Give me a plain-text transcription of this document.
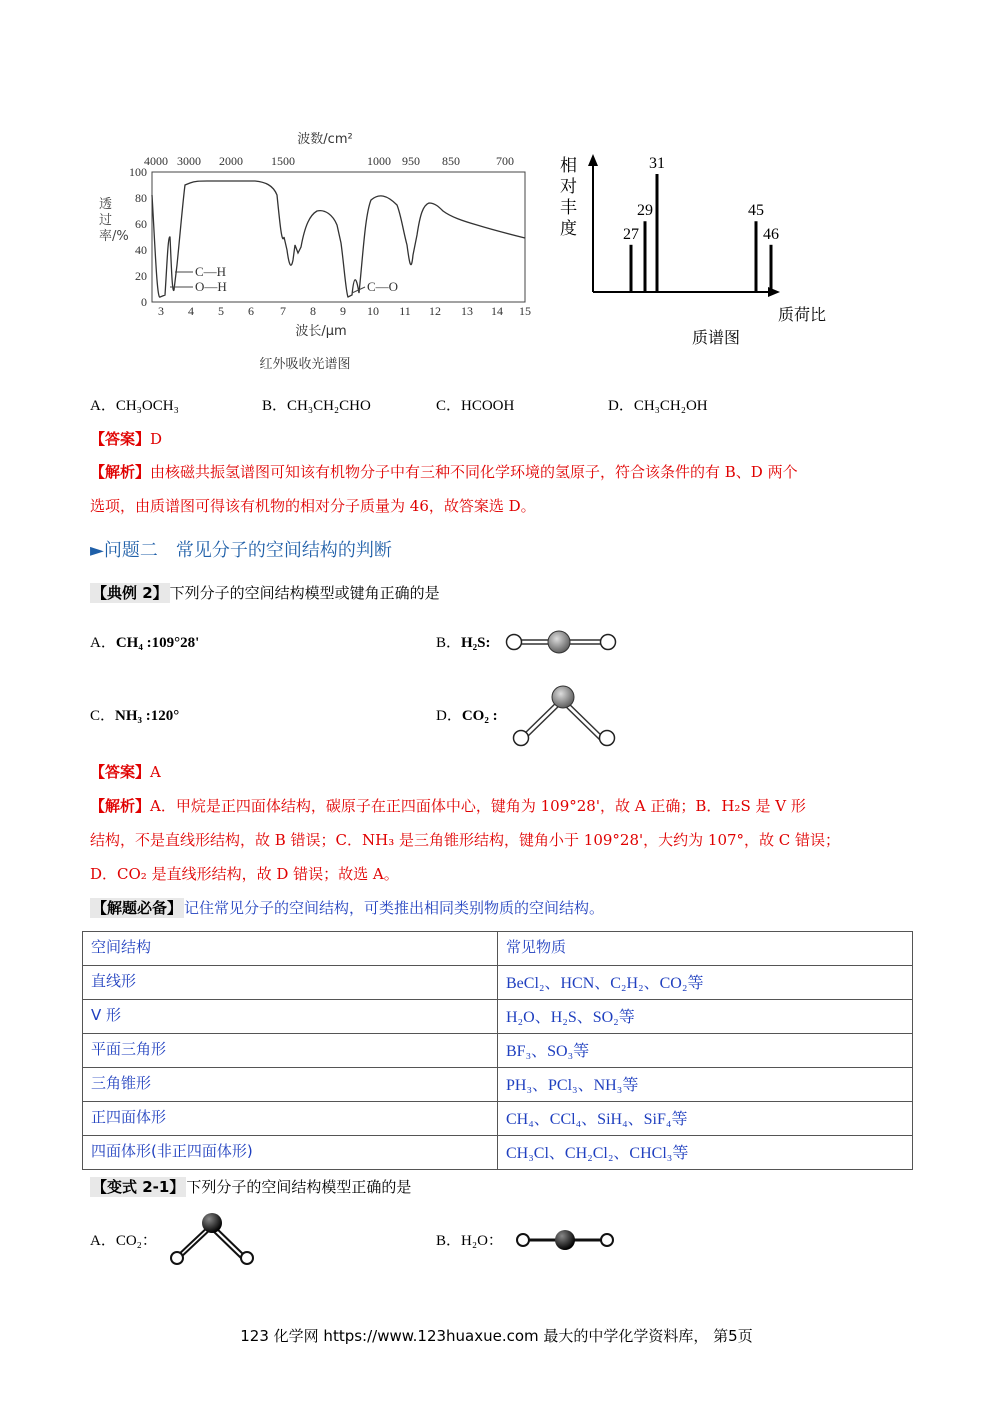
100
80
60
40
20
0
波数/cm²
4000 3000 2000 1500	1000 950 850	700
3 4 5 6 7 8 9 10 11 12 13 14 15
C—H
O—H	C—O
波长/μm
红外吸收光谱图
透过率/%	27
29
31
45
46
质荷比
质谱图
相对丰度
A．CH₃OCH₃	B．CH₃CH₂CHO	C．HCOOH	D．CH₃CH₂OH
【答案】D
【解析】由核磁共振氢谱图可知该有机物分子中有三种不同化学环境的氢原子，符合该条件的有 B、D 两个
选项，由质谱图可得该有机物的相对分子质量为 46，故答案选 D。
►问题二　常见分子的空间结构的判断
【典例 2】 下列分子的空间结构模型或键角正确的是
A．CH₄ :109°28'	B．H₂S:
C．NH₃ :120°	D．CO₂ :
【答案】A
【解析】A．甲烷是正四面体结构，碳原子在正四面体中心，键角为 109°28'，故 A 正确；B．H₂S 是 V 形
结构，不是直线形结构，故 B 错误；C．NH₃ 是三角锥形结构，键角小于 109°28'，大约为 107°，故 C 错误；
D．CO₂ 是直线形结构，故 D 错误；故选 A。
【解题必备】 记住常见分子的空间结构，可类推出相同类别物质的空间结构。
空间结构	常见物质
直线形	BeCl₂、HCN、C₂H₂、CO₂等
V 形	H₂O、H₂S、SO₂等
平面三角形	BF₃、SO₃等
三角锥形	PH₃、PCl₃、NH₃等
正四面体形	CH₄、CCl₄、SiH₄、SiF₄等
四面体形(非正四面体形)	CH₃Cl、CH₂Cl₂、CHCl₃等
【变式 2-1】 下列分子的空间结构模型正确的是
A．CO₂：	B．H₂O：
123 化学网 https://www.123huaxue.com 最大的中学化学资料库， 第5页
